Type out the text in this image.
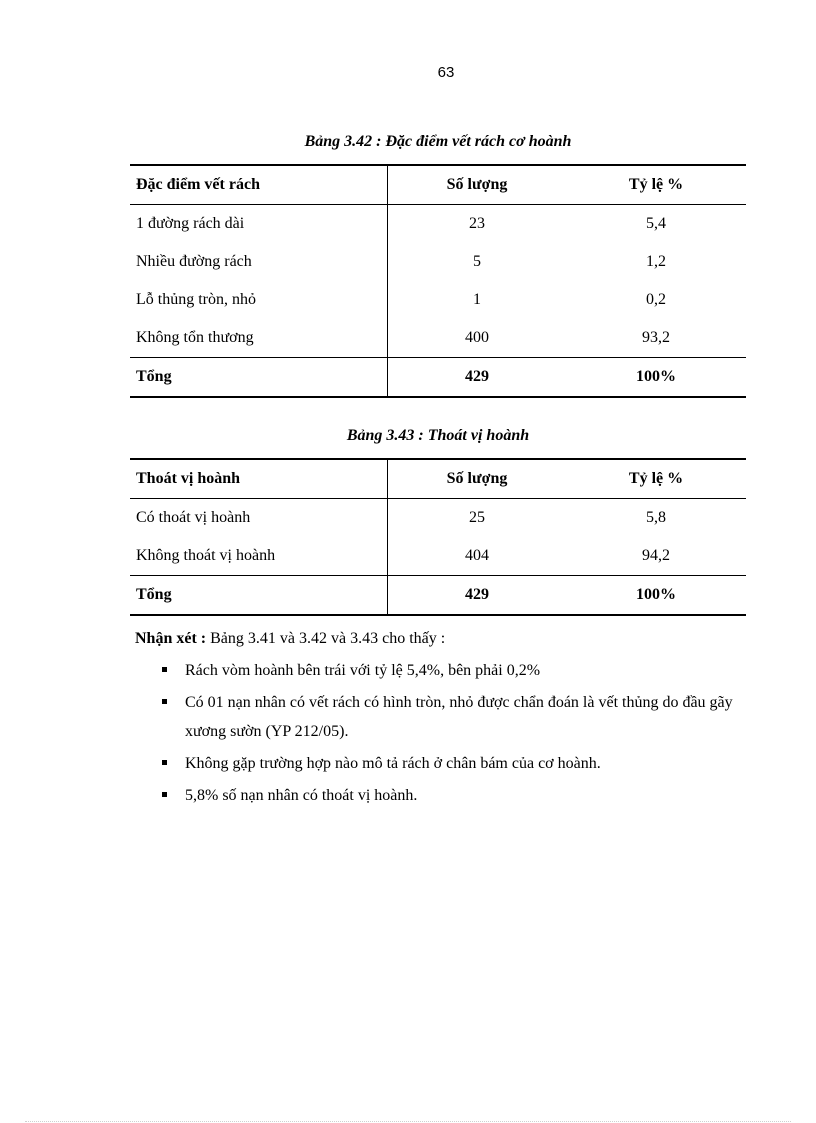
63
Bảng 3.42 : Đặc điểm vết rách cơ hoành
Đặc điểm vết rách	Số lượng	Tỷ lệ %
1 đường rách dài	23	5,4
Nhiều đường rách	5	1,2
Lỗ thủng tròn, nhỏ	1	0,2
Không tổn thương	400	93,2
Tổng	429	100%
Bảng 3.43 : Thoát vị hoành
Thoát vị hoành	Số lượng	Tỷ lệ %
Có thoát vị hoành	25	5,8
Không thoát vị hoành	404	94,2
Tổng	429	100%

Nhận xét : Bảng 3.41 và 3.42 và 3.43 cho thấy :

Rách vòm hoành bên trái với tỷ lệ 5,4%, bên phải 0,2%
Có 01 nạn nhân có vết rách có hình tròn, nhỏ được chẩn đoán là vết thủng do đầu gãy xương sườn (YP 212/05).
Không gặp trường hợp nào mô tả rách ở chân bám của cơ hoành.
5,8% số nạn nhân có thoát vị hoành.
